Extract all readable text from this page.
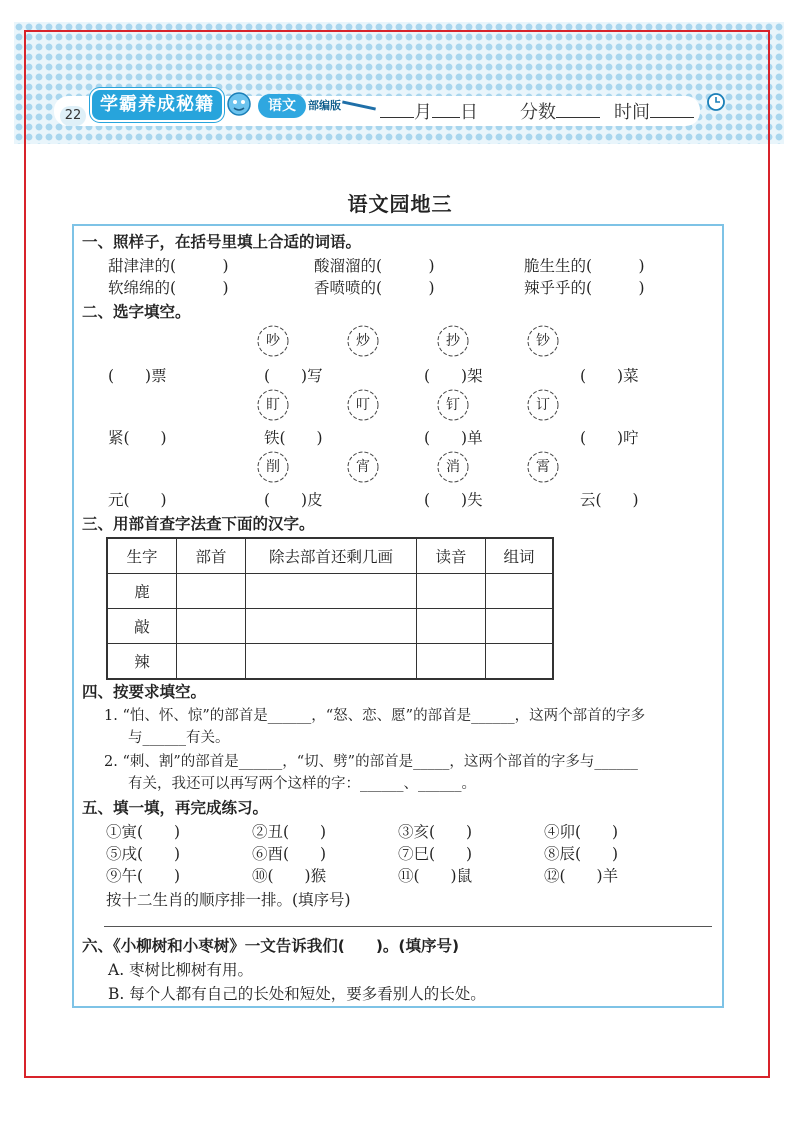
22
学霸养成秘籍	语文	部编版	月 日 分数	时间
语文园地三
一、照样子，在括号里填上合适的词语。
甜津津的(　　　)	酸溜溜的(　　　)	脆生生的(　　　)
软绵绵的(　　　)	香喷喷的(　　　)	辣乎乎的(　　　)
二、选字填空。
吵	炒	抄	钞
(　　)票	(　　)写	(　　)架	(　　)菜
盯	叮	钉	订
紧(　　)	铁(　　)	(　　)单	(　　)咛
削	宵	消	霄
元(　　)	(　　)皮	(　　)失	云(　　)
三、用部首查字法查下面的汉字。
生字	部首	除去部首还剩几画	读音	组词
鹿				
敲				
辣				
四、按要求填空。
1. “怕、怀、惊”的部首是______，“怒、恋、愿”的部首是______，这两个部首的字多
与______有关。
2. “刺、割”的部首是______，“切、劈”的部首是_____，这两个部首的字多与______
有关，我还可以再写两个这样的字：______、______。
五、填一填，再完成练习。
①寅(　　)	②丑(　　)	③亥(　　)	④卯(　　)
⑤戌(　　)	⑥酉(　　)	⑦巳(　　)	⑧辰(　　)
⑨午(　　)	⑩(　　)猴	⑪(　　)鼠	⑫(　　)羊
按十二生肖的顺序排一排。(填序号)
六、《小柳树和小枣树》一文告诉我们(　　)。(填序号)
A. 枣树比柳树有用。
B. 每个人都有自己的长处和短处，要多看别人的长处。
